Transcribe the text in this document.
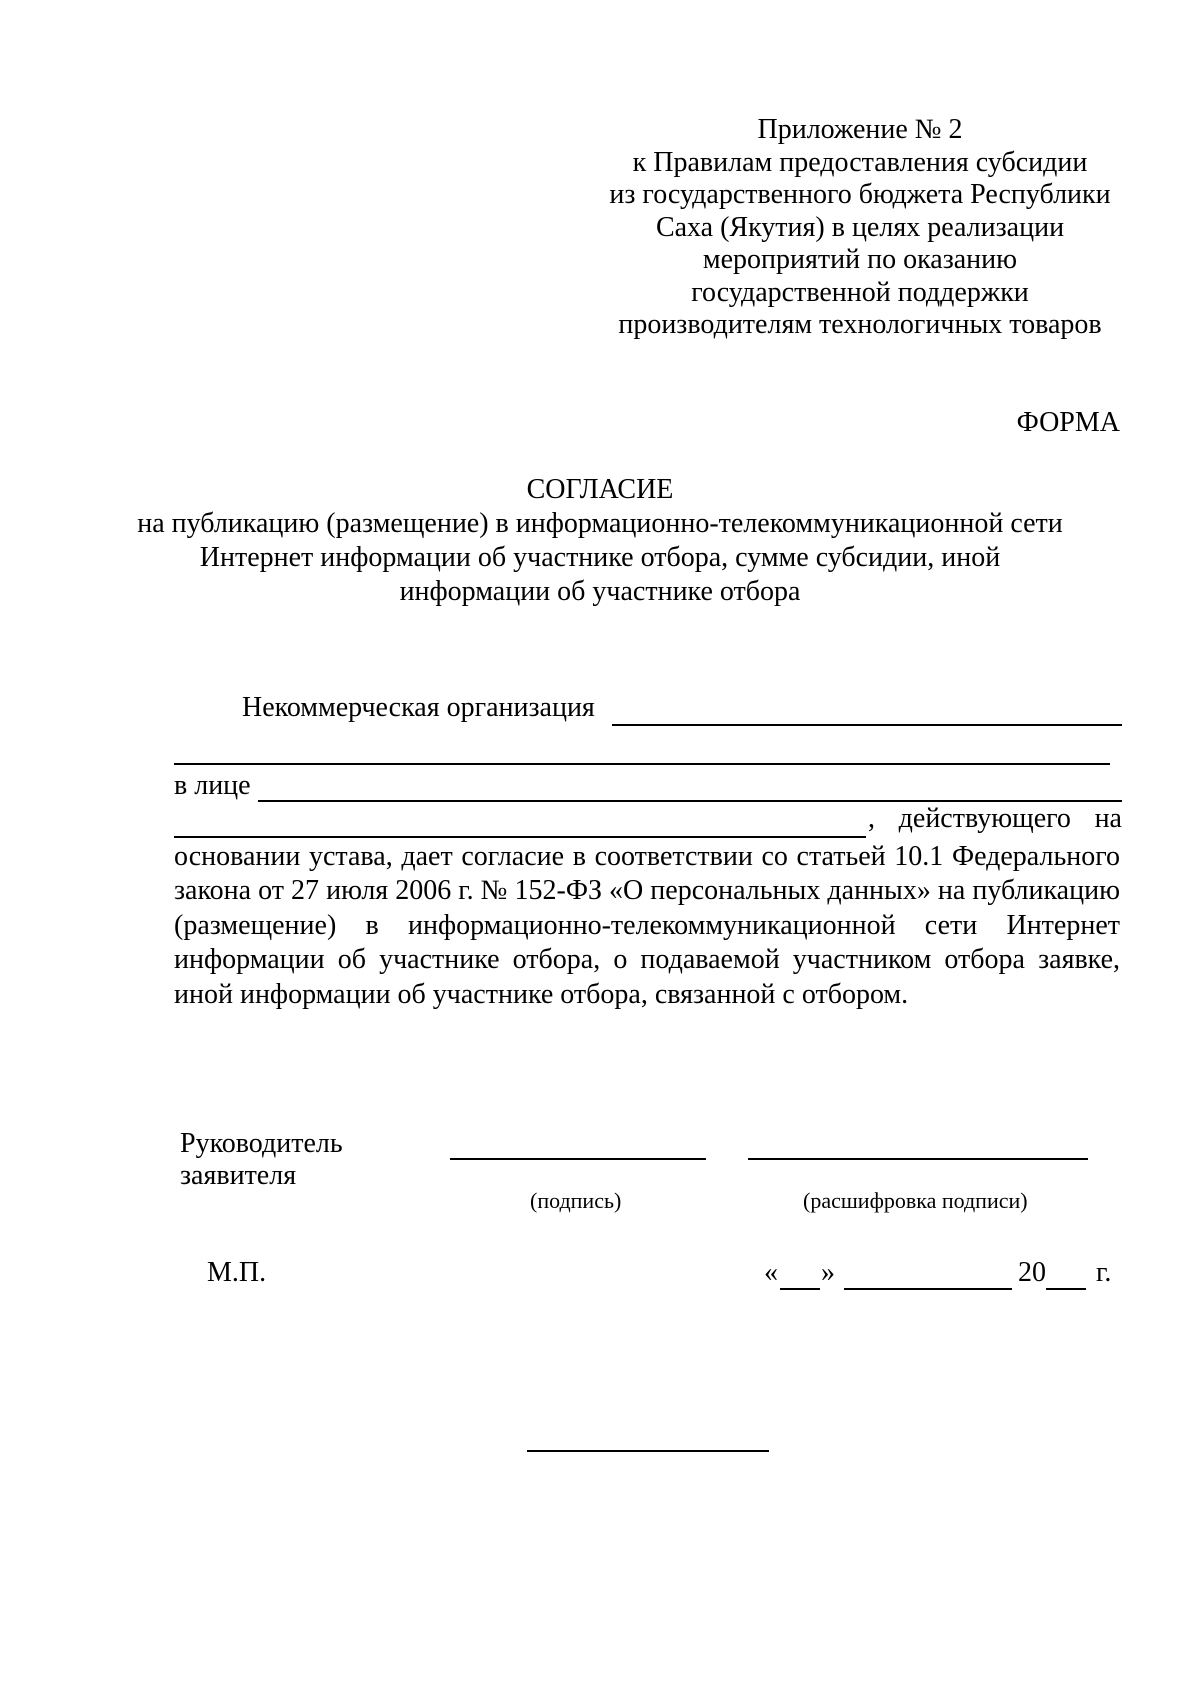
Приложение № 2
к Правилам предоставления субсидии
из государственного бюджета Республики
Саха (Якутия) в целях реализации
мероприятий по оказанию
государственной поддержки
производителям технологичных товаров
ФОРМА
СОГЛАСИЕ
на публикацию (размещение) в информационно-телекоммуникационной сети
Интернет информации об участнике отбора, сумме субсидии, иной
информации об участнике отбора
Некоммерческая организация
в лице
, действующего на
основании устава, дает согласие в соответствии со статьей 10.1 Федерального
закона от 27 июля 2006 г. № 152-ФЗ «О персональных данных» на публикацию
(размещение) в информационно-телекоммуникационной сети Интернет
информации об участнике отбора, о подаваемой участником отбора заявке,
иной информации об участнике отбора, связанной с отбором.
Руководитель
заявителя
(подпись)	(расшифровка подписи)
М.П.	« »	20 г.
